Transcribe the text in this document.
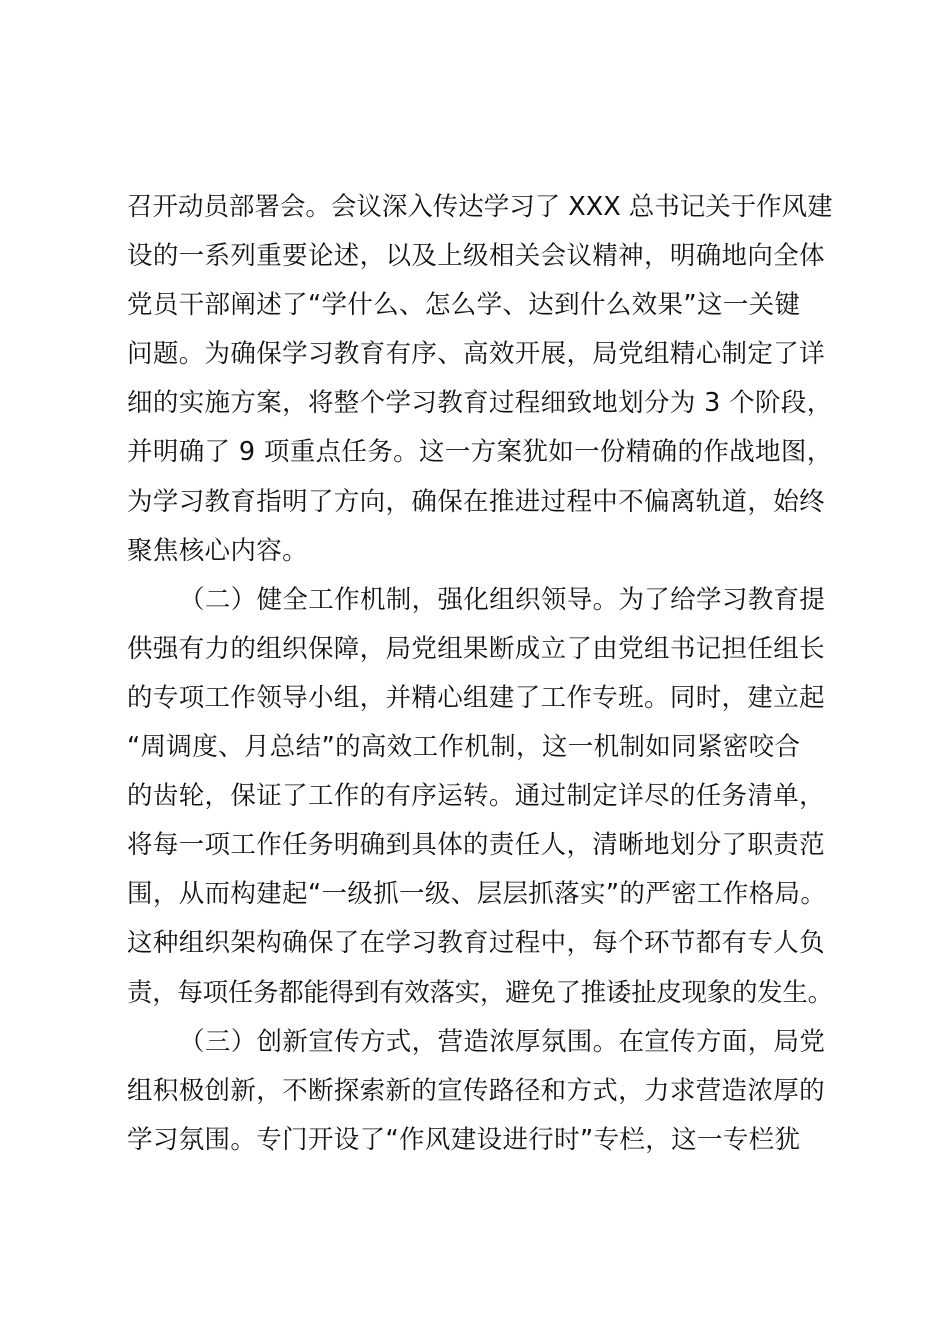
召开动员部署会。会议深入传达学习了 XXX 总书记关于作风建
设的一系列重要论述，以及上级相关会议精神，明确地向全体
党员干部阐述了“学什么、怎么学、达到什么效果”这一关键
问题。为确保学习教育有序、高效开展，局党组精心制定了详
细的实施方案，将整个学习教育过程细致地划分为 3 个阶段，
并明确了 9 项重点任务。这一方案犹如一份精确的作战地图，
为学习教育指明了方向，确保在推进过程中不偏离轨道，始终
聚焦核心内容。
（二）健全工作机制，强化组织领导。为了给学习教育提
供强有力的组织保障，局党组果断成立了由党组书记担任组长
的专项工作领导小组，并精心组建了工作专班。同时，建立起
“周调度、月总结”的高效工作机制，这一机制如同紧密咬合
的齿轮，保证了工作的有序运转。通过制定详尽的任务清单，
将每一项工作任务明确到具体的责任人，清晰地划分了职责范
围，从而构建起“一级抓一级、层层抓落实”的严密工作格局。
这种组织架构确保了在学习教育过程中，每个环节都有专人负
责，每项任务都能得到有效落实，避免了推诿扯皮现象的发生。
（三）创新宣传方式，营造浓厚氛围。在宣传方面，局党
组积极创新，不断探索新的宣传路径和方式，力求营造浓厚的
学习氛围。专门开设了“作风建设进行时”专栏，这一专栏犹
